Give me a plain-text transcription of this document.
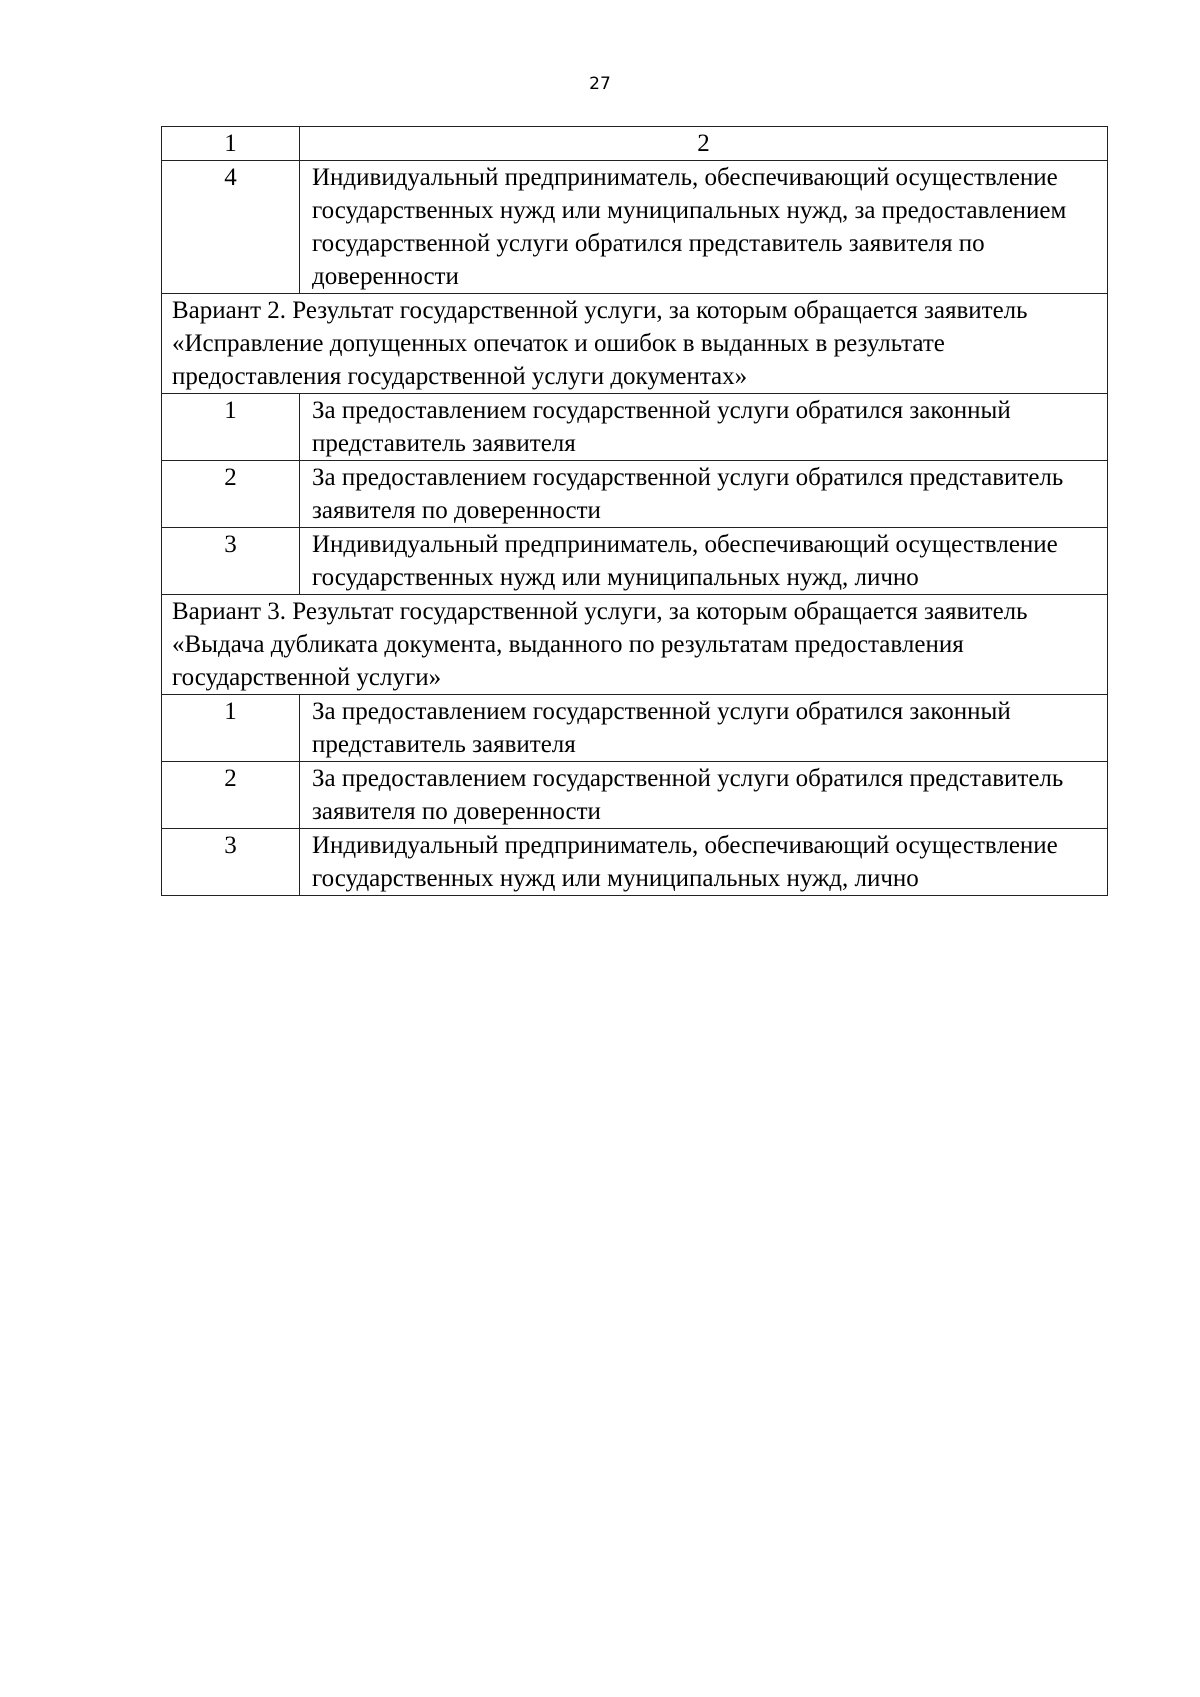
27
1	2
4	Индивидуальный предприниматель, обеспечивающий осуществление государственных нужд или муниципальных нужд, за предоставлением государственной услуги обратился представитель заявителя по доверенности
Вариант 2. Результат государственной услуги, за которым обращается заявитель «Исправление допущенных опечаток и ошибок в выданных в результате предоставления государственной услуги документах»	
1	За предоставлением государственной услуги обратился законный представитель заявителя
2	За предоставлением государственной услуги обратился представитель заявителя по доверенности
3	Индивидуальный предприниматель, обеспечивающий осуществление государственных нужд или муниципальных нужд, лично
Вариант 3. Результат государственной услуги, за которым обращается заявитель «Выдача дубликата документа, выданного по результатам предоставления государственной услуги»	
1	За предоставлением государственной услуги обратился законный представитель заявителя
2	За предоставлением государственной услуги обратился представитель заявителя по доверенности
3	Индивидуальный предприниматель, обеспечивающий осуществление государственных нужд или муниципальных нужд, лично
